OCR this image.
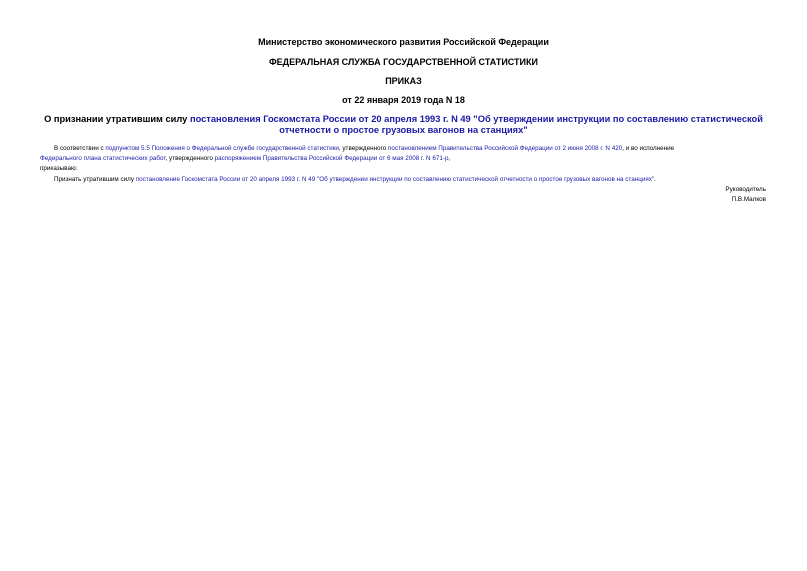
Министерство экономического развития Российской Федерации
ФЕДЕРАЛЬНАЯ СЛУЖБА ГОСУДАРСТВЕННОЙ СТАТИСТИКИ
ПРИКАЗ
от 22 января 2019 года N 18
О признании утратившим силу постановления Госкомстата России от 20 апреля 1993 г. N 49 "Об утверждении инструкции по составлению статистической отчетности о простое грузовых вагонов на станциях"
В соответствии с подпунктом 5.5 Положения о Федеральной службе государственной статистики, утвержденного постановлением Правительства Российской Федерации от 2 июня 2008 г. N 420, и во исполнение
Федерального плана статистических работ, утвержденного распоряжением Правительства Российской Федерации от 6 мая 2008 г. N 671-р,
приказываю:
Признать утратившим силу постановление Госкомстата России от 20 апреля 1993 г. N 49 "Об утверждении инструкции по составлению статистической отчетности о простое грузовых вагонов на станциях".
Руководитель
П.В.Малков
